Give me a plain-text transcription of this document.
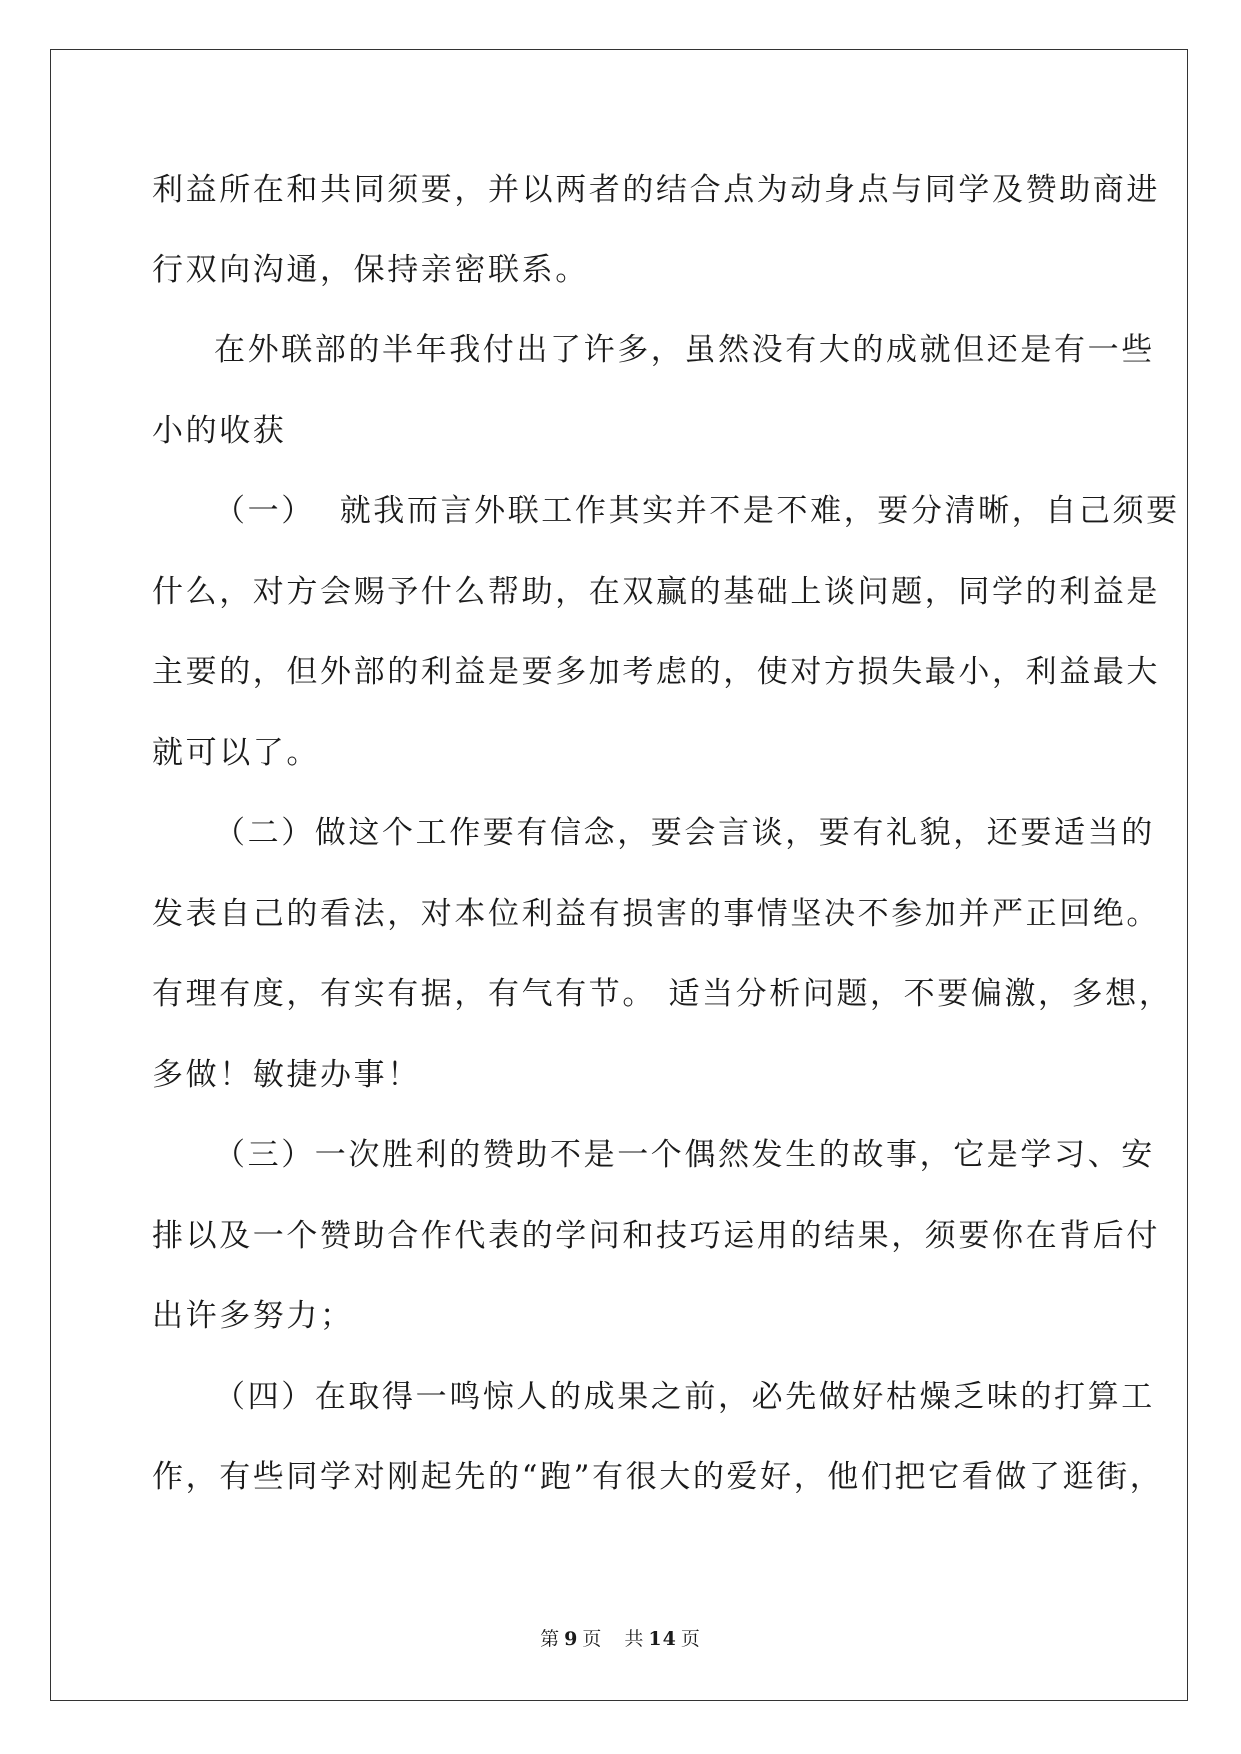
利益所在和共同须要，并以两者的结合点为动身点与同学及赞助商进
行双向沟通，保持亲密联系。
在外联部的半年我付出了许多，虽然没有大的成就但还是有一些
小的收获
（一）  就我而言外联工作其实并不是不难，要分清晰，自己须要
什么，对方会赐予什么帮助，在双赢的基础上谈问题，同学的利益是
主要的，但外部的利益是要多加考虑的，使对方损失最小，利益最大
就可以了。
（二）做这个工作要有信念，要会言谈，要有礼貌，还要适当的
发表自己的看法，对本位利益有损害的事情坚决不参加并严正回绝。
有理有度，有实有据，有气有节。 适当分析问题，不要偏激，多想，
多做！敏捷办事！
（三）一次胜利的赞助不是一个偶然发生的故事，它是学习、安
排以及一个赞助合作代表的学问和技巧运用的结果，须要你在背后付
出许多努力；
（四）在取得一鸣惊人的成果之前，必先做好枯燥乏味的打算工
作，有些同学对刚起先的“跑”有很大的爱好，他们把它看做了逛街，
第 9 页 共 14 页
